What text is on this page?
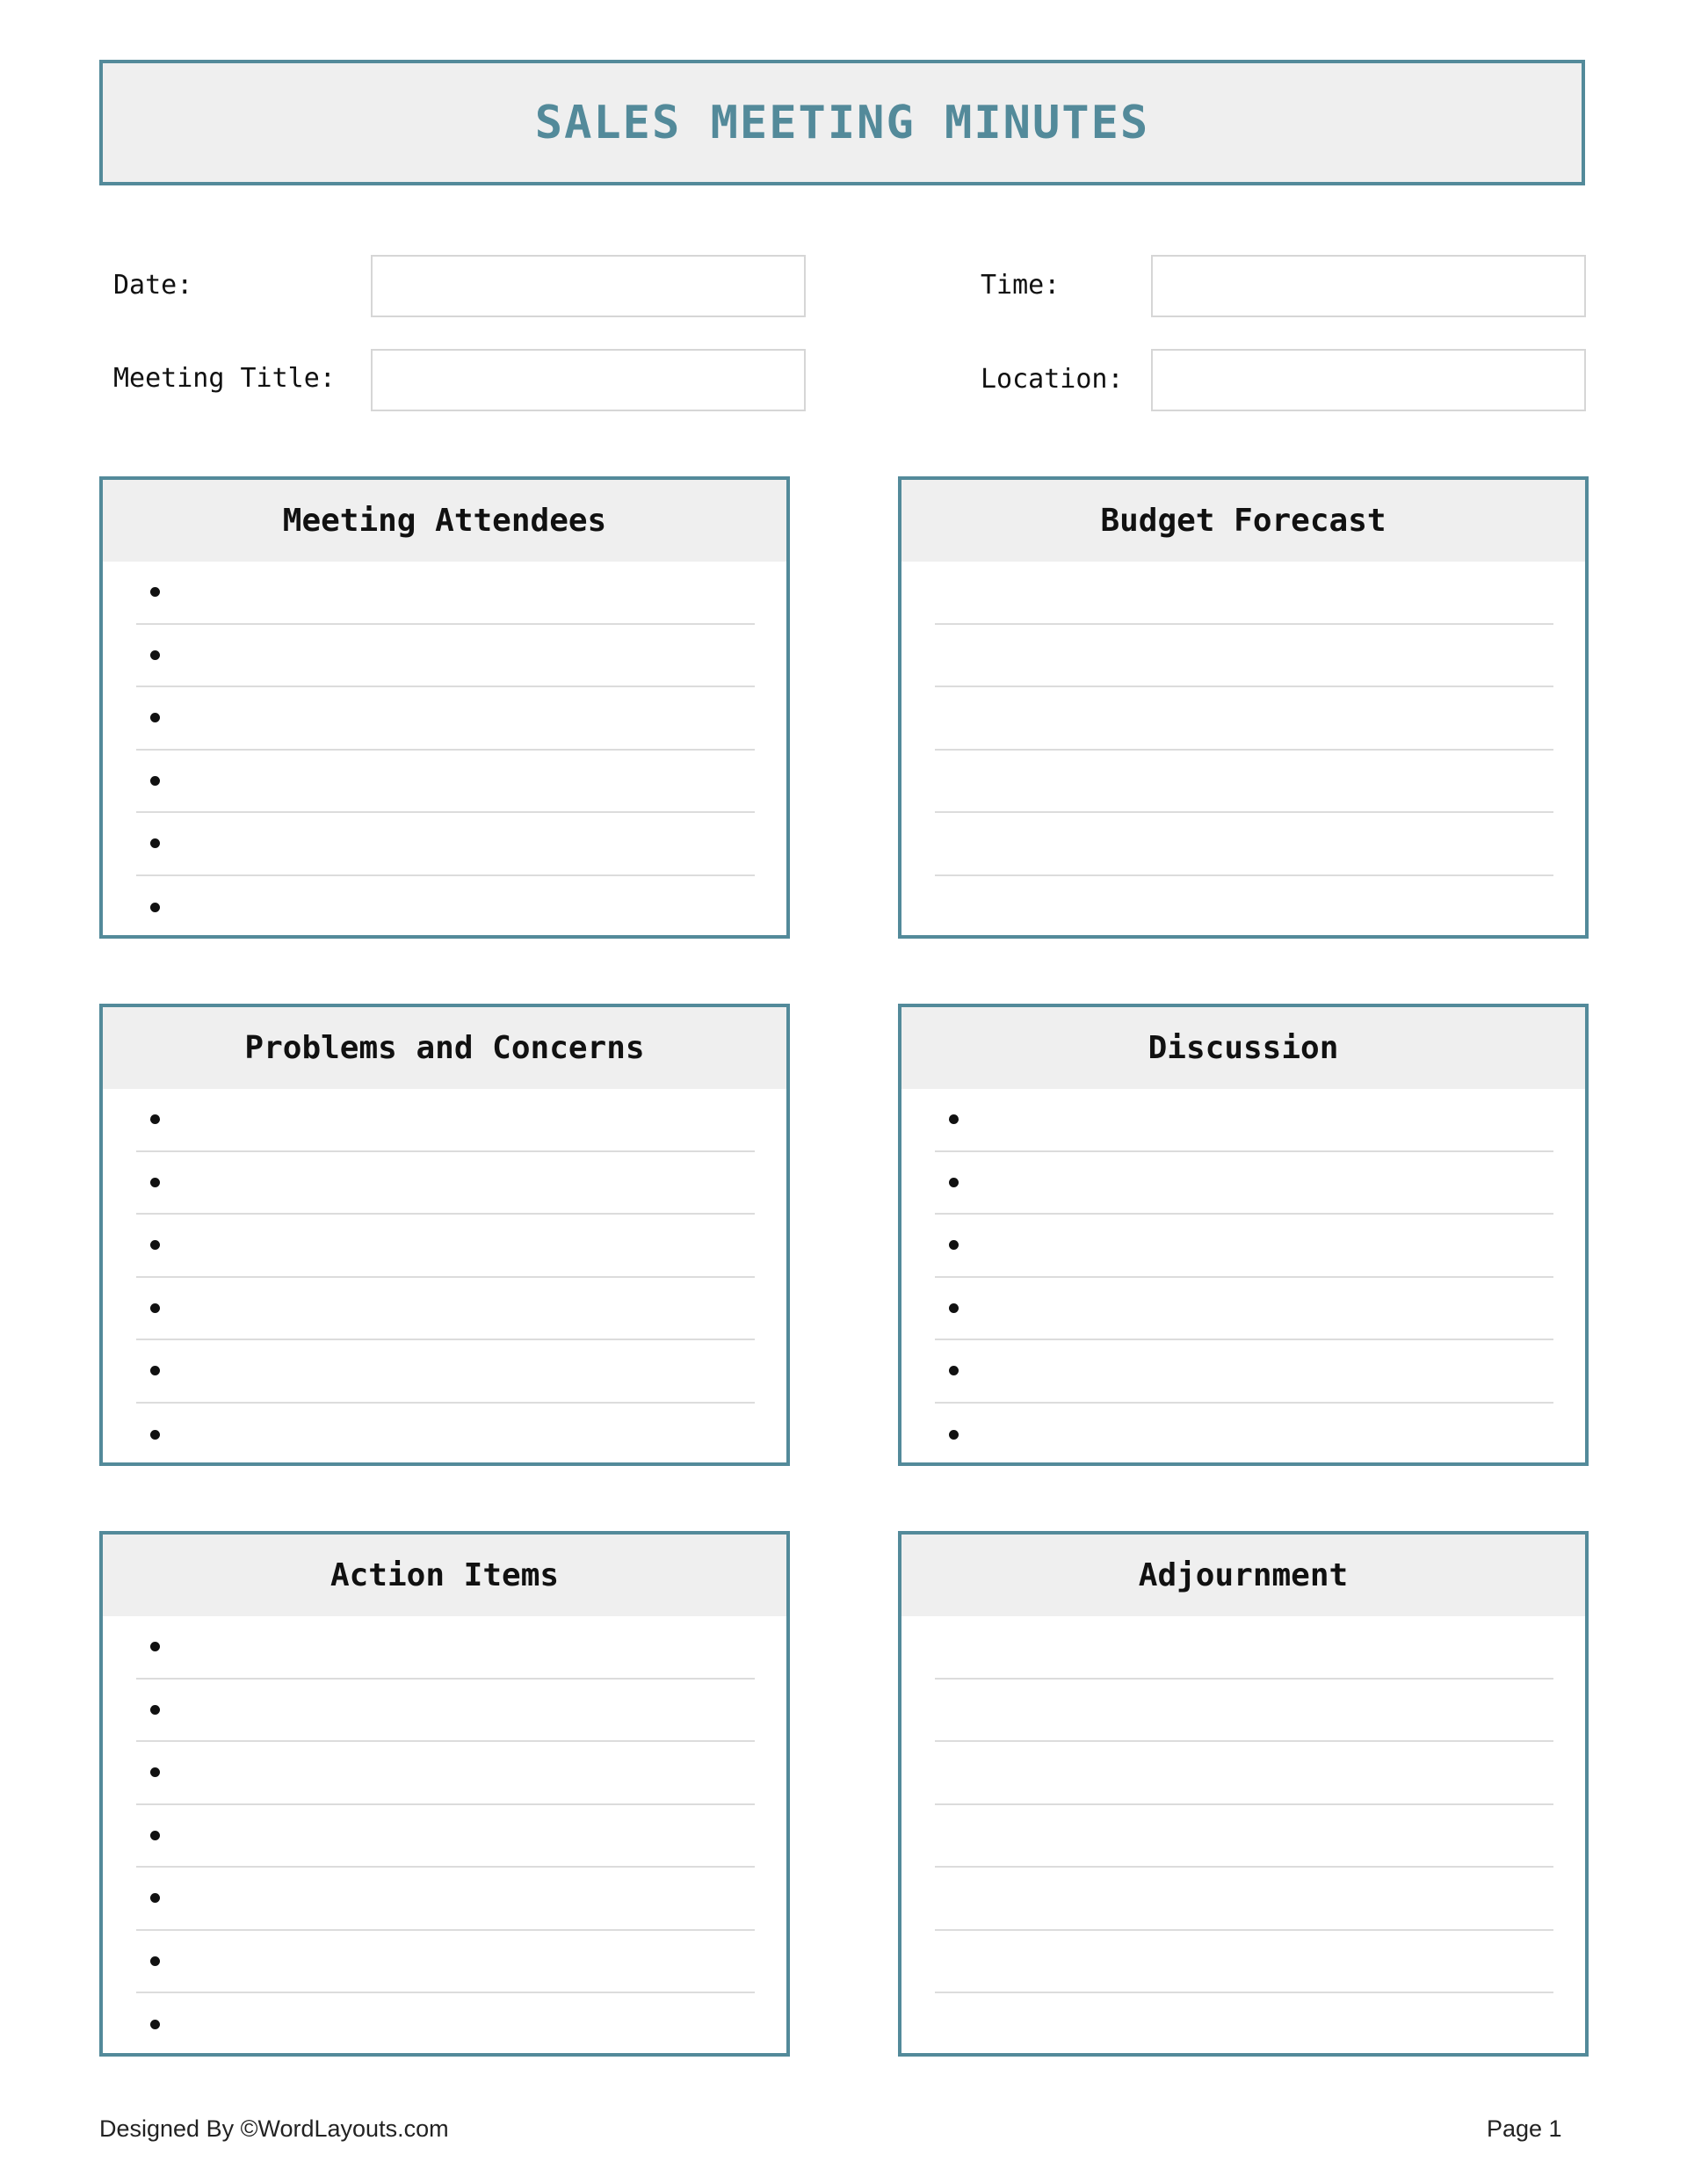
SALES MEETING MINUTES
Date:	Time:
Meeting Title:	Location:
Meeting Attendees	Budget Forecast
Problems and Concerns	Discussion
Action Items	Adjournment
Designed By ©WordLayouts.com	Page 1
